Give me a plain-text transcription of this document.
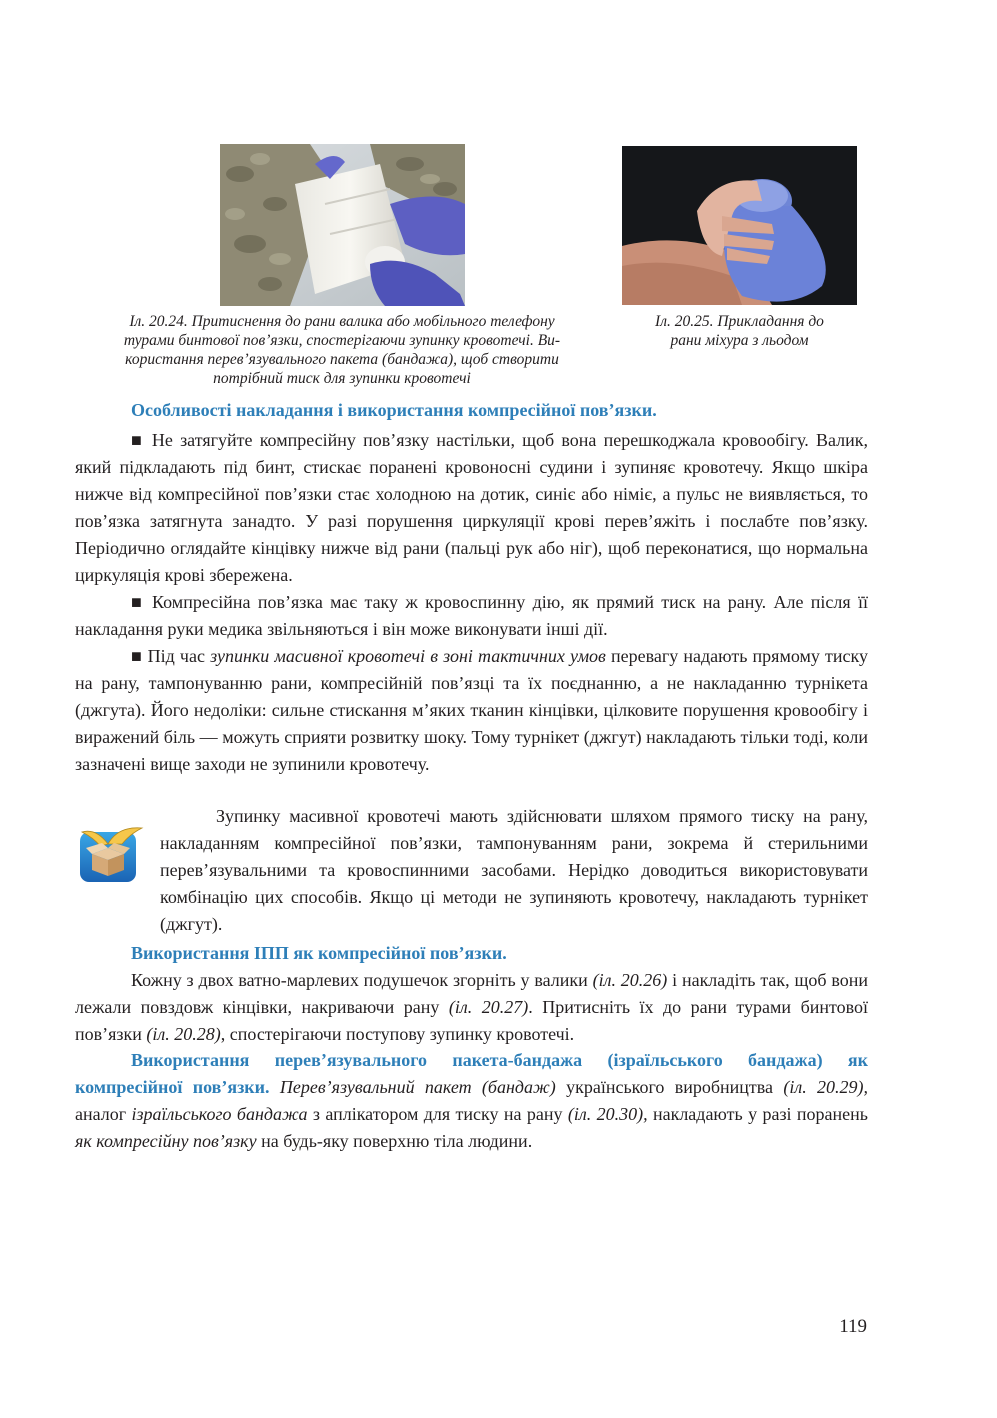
Іл. 20.24. Притиснення до рани валика або мобільного телефону
турами бинтової пов’язки, спостерігаючи зупинку кровотечі. Ви-
користання перев’язувального пакета (бандажа), щоб створити
потрібний тиск для зупинки кровотечі
Іл. 20.25. Прикладання до
рани міхура з льодом
Особливості накладання і використання компресійної пов’язки.
■ Не затягуйте компресійну пов’язку настільки, щоб вона перешкоджала кровообігу. Валик, який підкладають під бинт, стискає поранені кровоносні судини і зупиняє кровотечу. Якщо шкіра нижче від компресійної пов’язки стає холодною на дотик, синіє або німіє, а пульс не виявляється, то пов’язка затягнута занадто. У разі порушення циркуляції крові перев’яжіть і послабте пов’язку. Періодично оглядайте кінцівку нижче від рани (пальці рук або ніг), щоб переконатися, що нормальна циркуляція крові збережена.
■ Компресійна пов’язка має таку ж кровоспинну дію, як прямий тиск на рану. Але після її накладання руки медика звільняються і він може виконувати інші дії.
■ Під час зупинки масивної кровотечі в зоні тактичних умов перевагу надають прямому тиску на рану, тампонуванню рани, компресійній пов’язці та їх поєднанню, а не накладанню турнікета (джгута). Його недоліки: сильне стискання м’яких тканин кінцівки, цілковите порушення кровообігу і виражений біль — можуть сприяти розвитку шоку. Тому турнікет (джгут) накладають тільки тоді, коли зазначені вище заходи не зупинили кровотечу.
Зупинку масивної кровотечі мають здійснювати шляхом прямого тиску на рану, накладанням компресійної пов’язки, тампонуванням рани, зокрема й стерильними перев’язувальними та кровоспинними засобами. Нерідко доводиться використовувати комбінацію цих способів. Якщо ці методи не зупиняють кровотечу, накладають турнікет (джгут).
Використання ІПП як компресійної пов’язки.
Кожну з двох ватно-марлевих подушечок згорніть у валики (іл. 20.26) і накладіть так, щоб вони лежали повздовж кінцівки, накриваючи рану (іл. 20.27). Притисніть їх до рани турами бинтової пов’язки (іл. 20.28), спостерігаючи поступову зупинку кровотечі.
Використання перев’язувального пакета-бандажа (ізраїльського бандажа) як компресійної пов’язки. Перев’язувальний пакет (бандаж) українського виробництва (іл. 20.29), аналог ізраїльського бандажа з аплікатором для тиску на рану (іл. 20.30), накладають у разі поранень як компресійну пов’язку на будь-яку поверхню тіла людини.
119
